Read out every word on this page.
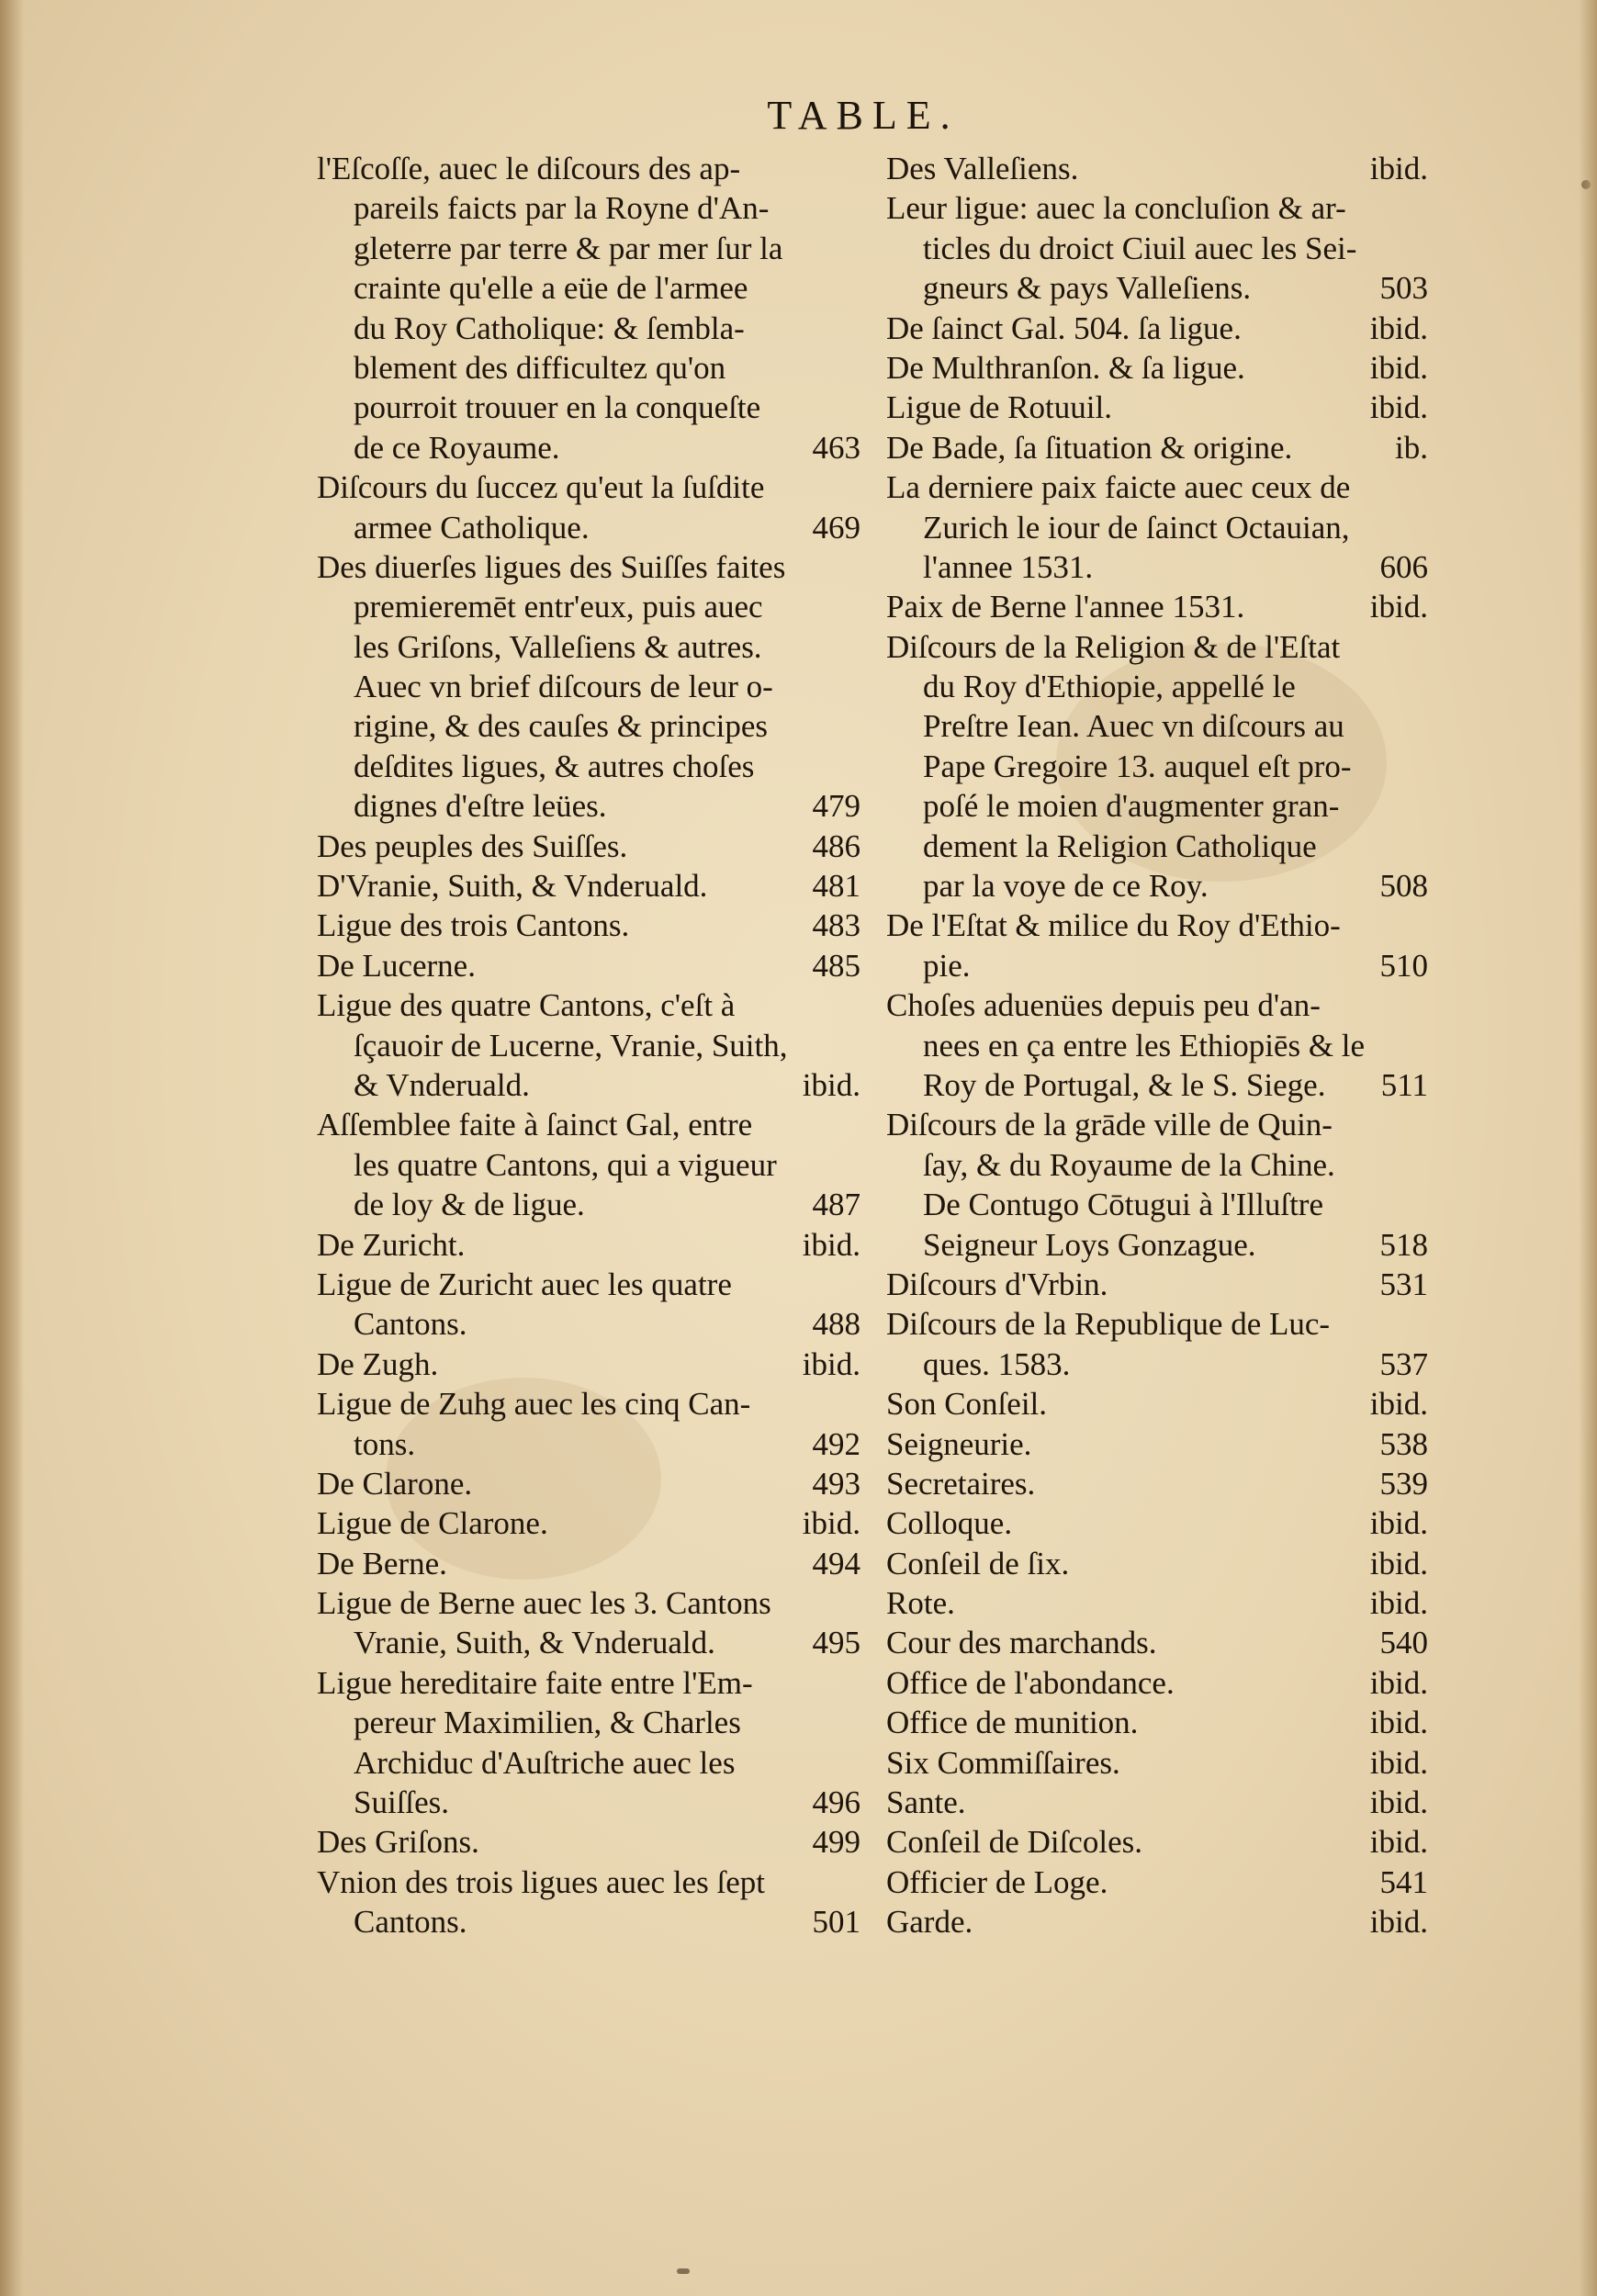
TABLE.
l'Eſcoſſe, auec le diſcours des ap-
pareils faicts par la Royne d'An-
gleterre par terre & par mer ſur la
crainte qu'elle a eüe de l'armee
du Roy Catholique: & ſembla-
blement des difficultez qu'on
pourroit trouuer en la conqueſte
de ce Royaume.	463
Diſcours du ſuccez qu'eut la ſuſdite
armee Catholique.	469
Des diuerſes ligues des Suiſſes faites
premieremēt entr'eux, puis auec
les Griſons, Valleſiens & autres.
Auec vn brief diſcours de leur o-
rigine, & des cauſes & principes
deſdites ligues, & autres choſes
dignes d'eſtre leües.	479
Des peuples des Suiſſes.	486
D'Vranie, Suith, & Vnderuald.	481
Ligue des trois Cantons.	483
De Lucerne.	485
Ligue des quatre Cantons, c'eſt à
ſçauoir de Lucerne, Vranie, Suith,
& Vnderuald.	ibid.
Aſſemblee faite à ſainct Gal, entre
les quatre Cantons, qui a vigueur
de loy & de ligue.	487
De Zuricht.	ibid.
Ligue de Zuricht auec les quatre
Cantons.	488
De Zugh.	ibid.
Ligue de Zuhg auec les cinq Can-
tons.	492
De Clarone.	493
Ligue de Clarone.	ibid.
De Berne.	494
Ligue de Berne auec les 3. Cantons
Vranie, Suith, & Vnderuald.	495
Ligue hereditaire faite entre l'Em-
pereur Maximilien, & Charles
Archiduc d'Auſtriche auec les
Suiſſes.	496
Des Griſons.	499
Vnion des trois ligues auec les ſept
Cantons.	501
Des Valleſiens.	ibid.
Leur ligue: auec la concluſion & ar-
ticles du droict Ciuil auec les Sei-
gneurs & pays Valleſiens.	503
De ſainct Gal. 504. ſa ligue.	ibid.
De Multhranſon. & ſa ligue.	ibid.
Ligue de Rotuuil.	ibid.
De Bade, ſa ſituation & origine.	ib.
La derniere paix faicte auec ceux de
Zurich le iour de ſainct Octauian,
l'annee 1531.	606
Paix de Berne l'annee 1531.	ibid.
Diſcours de la Religion & de l'Eſtat
du Roy d'Ethiopie, appellé le
Preſtre Iean. Auec vn diſcours au
Pape Gregoire 13. auquel eſt pro-
poſé le moien d'augmenter gran-
dement la Religion Catholique
par la voye de ce Roy.	508
De l'Eſtat & milice du Roy d'Ethio-
pie.	510
Choſes aduenües depuis peu d'an-
nees en ça entre les Ethiopiēs & le
Roy de Portugal, & le S. Siege.	511
Diſcours de la grāde ville de Quin-
ſay, & du Royaume de la Chine.
De Contugo Cōtugui à l'Illuſtre
Seigneur Loys Gonzague.	518
Diſcours d'Vrbin.	531
Diſcours de la Republique de Luc-
ques. 1583.	537
Son Conſeil.	ibid.
Seigneurie.	538
Secretaires.	539
Colloque.	ibid.
Conſeil de ſix.	ibid.
Rote.	ibid.
Cour des marchands.	540
Office de l'abondance.	ibid.
Office de munition.	ibid.
Six Commiſſaires.	ibid.
Sante.	ibid.
Conſeil de Diſcoles.	ibid.
Officier de Loge.	541
Garde.	ibid.
